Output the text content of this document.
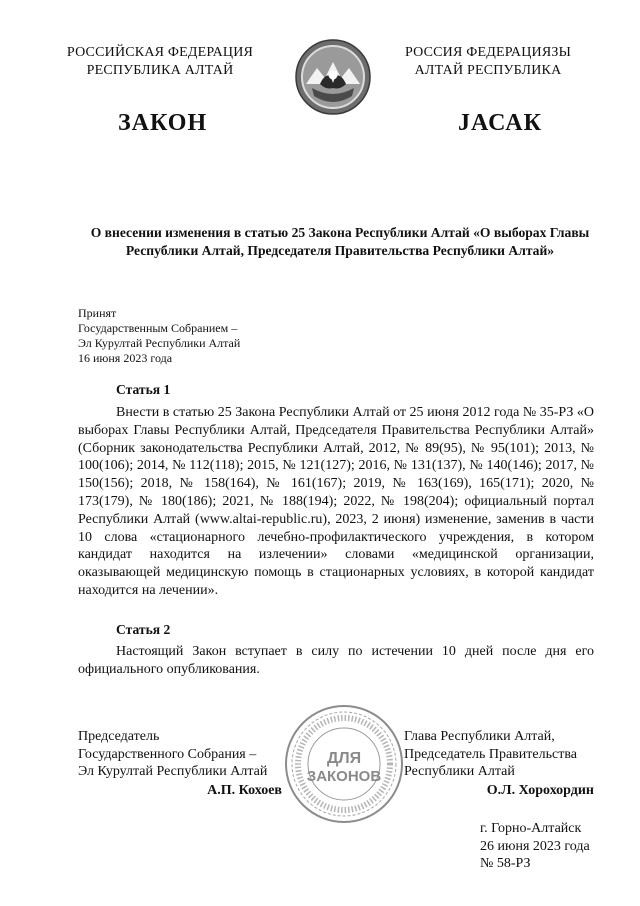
РОССИЙСКАЯ ФЕДЕРАЦИЯ
РЕСПУБЛИКА АЛТАЙ
РОССИЯ ФЕДЕРАЦИЯЗЫ
АЛТАЙ РЕСПУБЛИКА
ЗАКОН	ЈАСАК
О внесении изменения в статью 25 Закона Республики Алтай «О выборах Главы Республики Алтай, Председателя Правительства Республики Алтай»
Принят
Государственным Собранием –
Эл Курултай Республики Алтай
16 июня 2023 года
Статья 1
Внести в статью 25 Закона Республики Алтай от 25 июня 2012 года № 35-РЗ «О выборах Главы Республики Алтай, Председателя Правительства Республики Алтай» (Сборник законодательства Республики Алтай, 2012, № 89(95), № 95(101); 2013, № 100(106); 2014, № 112(118); 2015, № 121(127); 2016, № 131(137), № 140(146); 2017, № 150(156); 2018, № 158(164), № 161(167); 2019, № 163(169), 165(171); 2020, № 173(179), № 180(186); 2021, № 188(194); 2022, № 198(204); официальный портал Республики Алтай (www.altai-republic.ru), 2023, 2 июня) изменение, заменив в части 10 слова «стационарного лечебно-профилактического учреждения, в котором кандидат находится на излечении» словами «медицинской организации, оказывающей медицинскую помощь в стационарных условиях, в которой кандидат находится на лечении».
Статья 2
Настоящий Закон вступает в силу по истечении 10 дней после дня его официального опубликования.
ДЛЯ
ЗАКОНОВ
Председатель
Государственного Собрания –
Эл Курултай Республики Алтай
А.П. Кохоев
Глава Республики Алтай,
Председатель Правительства
Республики Алтай
О.Л. Хорохордин
г. Горно-Алтайск
26 июня 2023 года
№ 58-РЗ
